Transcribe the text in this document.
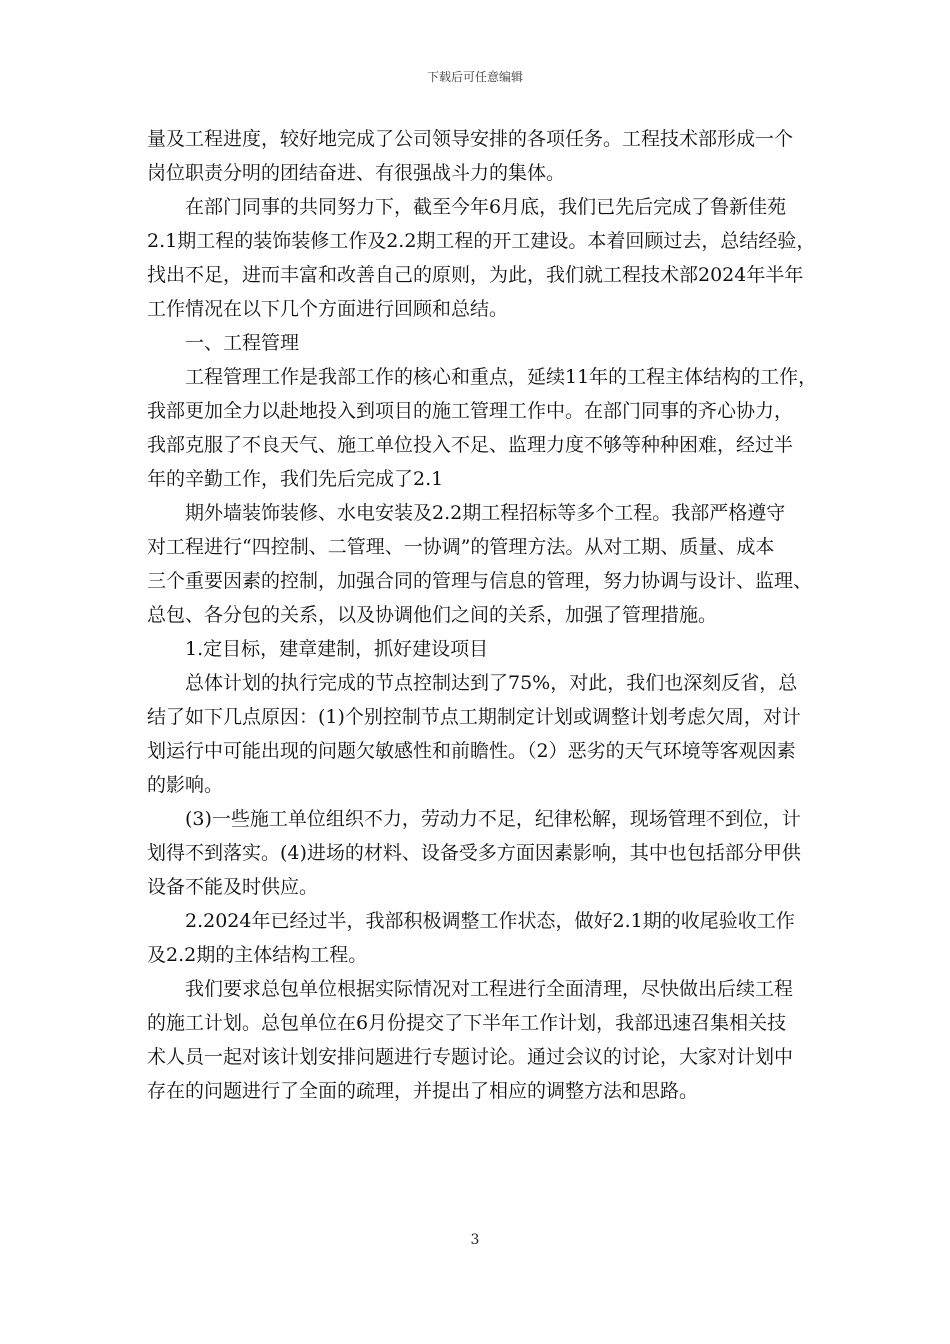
下载后可任意编辑
量及工程进度，较好地完成了公司领导安排的各项任务。工程技术部形成一个
岗位职责分明的团结奋进、有很强战斗力的集体。
在部门同事的共同努力下，截至今年6月底，我们已先后完成了鲁新佳苑
2.1期工程的装饰装修工作及2.2期工程的开工建设。本着回顾过去，总结经验，
找出不足，进而丰富和改善自己的原则，为此，我们就工程技术部2024年半年
工作情况在以下几个方面进行回顾和总结。
一、工程管理
工程管理工作是我部工作的核心和重点，延续11年的工程主体结构的工作，
我部更加全力以赴地投入到项目的施工管理工作中。在部门同事的齐心协力，
我部克服了不良天气、施工单位投入不足、监理力度不够等种种困难，经过半
年的辛勤工作，我们先后完成了2.1
期外墙装饰装修、水电安装及2.2期工程招标等多个工程。我部严格遵守
对工程进行“四控制、二管理、一协调”的管理方法。从对工期、质量、成本
三个重要因素的控制，加强合同的管理与信息的管理，努力协调与设计、监理、
总包、各分包的关系，以及协调他们之间的关系，加强了管理措施。
1.定目标，建章建制，抓好建设项目
总体计划的执行完成的节点控制达到了75%，对此，我们也深刻反省，总
结了如下几点原因：(1)个别控制节点工期制定计划或调整计划考虑欠周，对计
划运行中可能出现的问题欠敏感性和前瞻性。（2）恶劣的天气环境等客观因素
的影响。
(3)一些施工单位组织不力，劳动力不足，纪律松解，现场管理不到位，计
划得不到落实。(4)进场的材料、设备受多方面因素影响，其中也包括部分甲供
设备不能及时供应。
2.2024年已经过半，我部积极调整工作状态，做好2.1期的收尾验收工作
及2.2期的主体结构工程。
我们要求总包单位根据实际情况对工程进行全面清理，尽快做出后续工程
的施工计划。总包单位在6月份提交了下半年工作计划，我部迅速召集相关技
术人员一起对该计划安排问题进行专题讨论。通过会议的讨论，大家对计划中
存在的问题进行了全面的疏理，并提出了相应的调整方法和思路。
3
